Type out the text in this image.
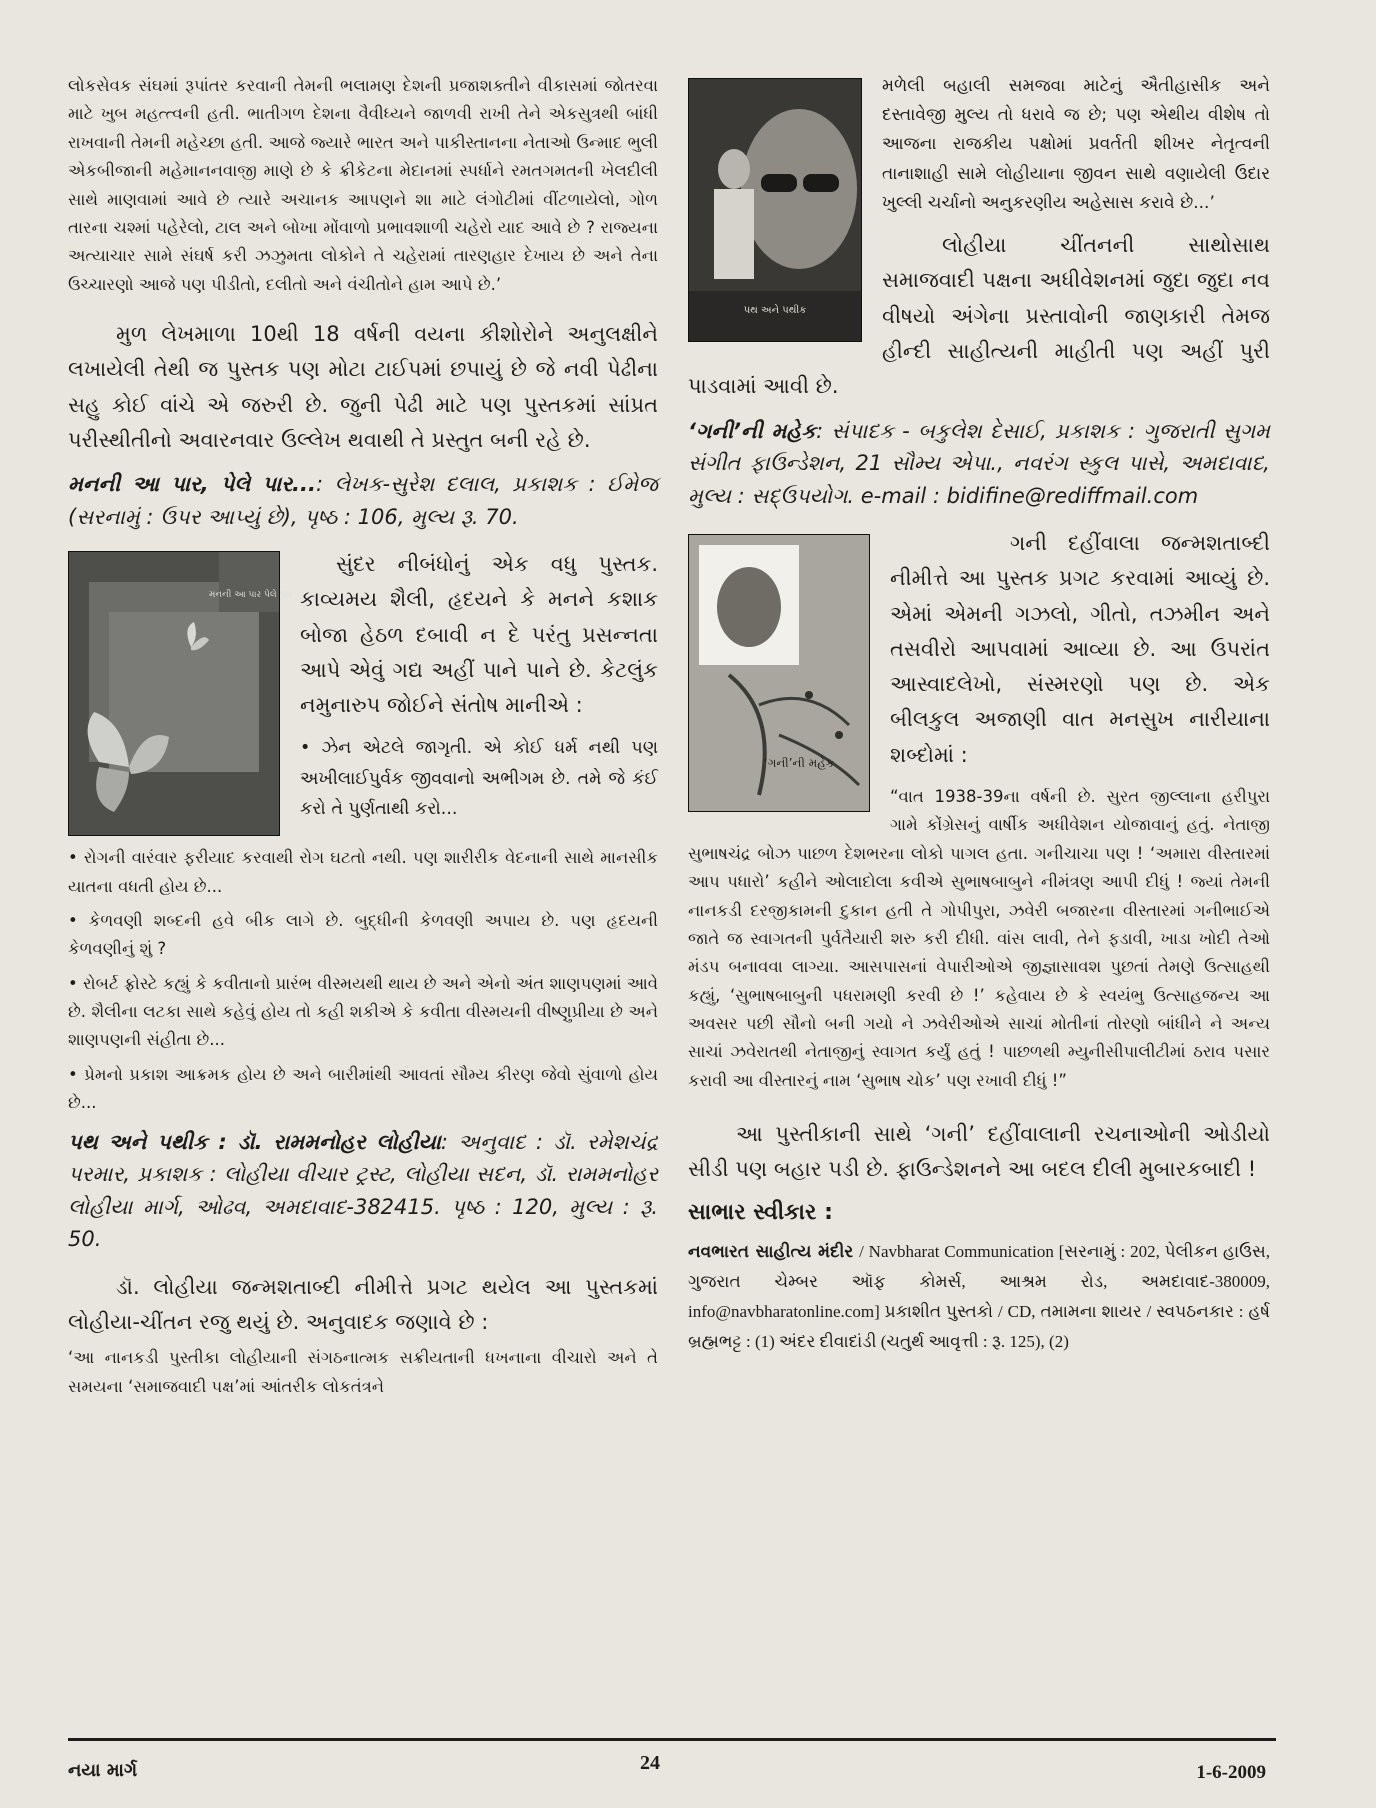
લોકસેવક સંઘમાં રૂપાંતર કરવાની તેમની ભલામણ દેશની પ્રજાશક્તીને વીકાસમાં જોતરવા માટે ખુબ મહત્ત્વની હતી. ભાતીગળ દેશના વૈવીધ્યને જાળવી રાખી તેને એકસુત્રથી બાંધી રાખવાની તેમની મહેચ્છા હતી. આજે જ્યારે ભારત અને પાકીસ્તાનના નેતાઓ ઉન્માદ ભુલી એકબીજાની મહેમાનનવાજી માણે છે કે ક્રીકેટના મેદાનમાં સ્પર્ધાને રમતગમતની ખેલદીલી સાથે માણવામાં આવે છે ત્યારે અચાનક આપણને શા માટે લંગોટીમાં વીંટળાયેલો, ગોળ તારના ચશ્માં પહેરેલો, ટાલ અને બોખા મોંવાળો પ્રભાવશાળી ચહેરો યાદ આવે છે ? રાજ્યના અત્યાચાર સામે સંઘર્ષ કરી ઝઝુમતા લોકોને તે ચહેરામાં તારણહાર દેખાય છે અને તેના ઉચ્ચારણો આજે પણ પીડીતો, દલીતો અને વંચીતોને હામ આપે છે.’

મુળ લેખમાળા 10થી 18 વર્ષની વયના કીશોરોને અનુલક્ષીને લખાયેલી તેથી જ પુસ્તક પણ મોટા ટાઈપમાં છપાયું છે જે નવી પેઢીના સહુ કોઈ વાંચે એ જરુરી છે. જુની પેઢી માટે પણ પુસ્તકમાં સાંપ્રત પરીસ્થીતીનો અવારનવાર ઉલ્લેખ થવાથી તે પ્રસ્તુત બની રહે છે.

મનની આ પાર, પેલે પાર...: લેખક-સુરેશ દલાલ, પ્રકાશક : ઈમેજ (સરનામું : ઉપર આપ્યું છે), પૃષ્ઠ : 106, મુલ્ય રૂ. 70.

મનની આ પાર પેલે પાર

સુંદર નીબંધોનું એક વધુ પુસ્તક. કાવ્યમય શૈલી, હૃદયને કે મનને કશાક બોજા હેઠળ દબાવી ન દે પરંતુ પ્રસન્નતા આપે એવું ગદ્ય અહીં પાને પાને છે. કેટલુંક નમુનારુપ જોઈને સંતોષ માનીએ :

• ઝેન એટલે જાગૃતી. એ કોઈ ધર્મ નથી પણ અખીલાઈપુર્વક જીવવાનો અભીગમ છે. તમે જે કંઈ કરો તે પુર્ણતાથી કરો...

• રોગની વારંવાર ફરીયાદ કરવાથી રોગ ઘટતો નથી. પણ શારીરીક વેદનાની સાથે માનસીક યાતના વધતી હોય છે...

• કેળવણી શબ્દની હવે બીક લાગે છે. બુદ્ધીની કેળવણી અપાય છે. પણ હૃદયની કેળવણીનું શું ?

• રોબર્ટ ફ્રોસ્ટે કહ્યું કે કવીતાનો પ્રારંભ વીસ્મયથી થાય છે અને એનો અંત શાણપણમાં આવે છે. શૈલીના લટકા સાથે કહેવું હોય તો કહી શકીએ કે કવીતા વીસ્મયની વીષ્ણુપ્રીયા છે અને શાણપણની સંહીતા છે...

• પ્રેમનો પ્રકાશ આક્રમક હોય છે અને બારીમાંથી આવતાં સૌમ્ય કીરણ જેવો સુંવાળો હોય છે...

પથ અને પથીક : ડૉ. રામમનોહર લોહીયા: અનુવાદ : ડૉ. રમેશચંદ્ર પરમાર, પ્રકાશક : લોહીયા વીચાર ટ્રસ્ટ, લોહીયા સદન, ડૉ. રામમનોહર લોહીયા માર્ગ, ઓઢવ, અમદાવાદ-382415. પૃષ્ઠ : 120, મુલ્ય : રૂ. 50.

ડૉ. લોહીયા જન્મશતાબ્દી નીમીત્તે પ્રગટ થયેલ આ પુસ્તકમાં લોહીયા-ચીંતન રજુ થયું છે. અનુવાદક જણાવે છે :

‘આ નાનકડી પુસ્તીકા લોહીયાની સંગઠનાત્મક સક્રીયતાની ધખનાના વીચારો અને તે સમયના ‘સમાજવાદી પક્ષ’માં આંતરીક લોકતંત્રને

પથ અને પથીક

મળેલી બહાલી સમજવા માટેનું ઐતીહાસીક અને દસ્તાવેજી મુલ્ય તો ધરાવે જ છે; પણ એથીય વીશેષ તો આજના રાજકીય પક્ષોમાં પ્રવર્તતી શીખર નેતૃત્વની તાનાશાહી સામે લોહીયાના જીવન સાથે વણાયેલી ઉદાર ખુલ્લી ચર્ચાનો અનુકરણીય અહેસાસ કરાવે છે...’

લોહીયા ચીંતનની સાથોસાથ સમાજવાદી પક્ષના અધીવેશનમાં જુદા જુદા નવ વીષયો અંગેના પ્રસ્તાવોની જાણકારી તેમજ હીન્દી સાહીત્યની માહીતી પણ અહીં પુરી પાડવામાં આવી છે.

‘ગની’ની મહેક: સંપાદક - બકુલેશ દેસાઈ, પ્રકાશક : ગુજરાતી સુગમ સંગીત ફાઉન્ડેશન, 21 સૌમ્ય એપા., નવરંગ સ્કુલ પાસે, અમદાવાદ, મુલ્ય : સદ્ઉપયોગ. e-mail : bidifine@rediffmail.com

‘ગની’ની મહેક

ગની દહીંવાલા જન્મશતાબ્દી નીમીત્તે આ પુસ્તક પ્રગટ કરવામાં આવ્યું છે. એમાં એમની ગઝલો, ગીતો, તઝમીન અને તસવીરો આપવામાં આવ્યા છે. આ ઉપરાંત આસ્વાદલેખો, સંસ્મરણો પણ છે. એક બીલકુલ અજાણી વાત મનસુખ નારીયાના શબ્દોમાં :

“વાત 1938-39ના વર્ષની છે. સુરત જીલ્લાના હરીપુરા ગામે કોંગ્રેસનું વાર્ષીક અધીવેશન યોજાવાનું હતું. નેતાજી સુભાષચંદ્ર બોઝ પાછળ દેશભરના લોકો પાગલ હતા. ગનીચાચા પણ ! ‘અમારા વીસ્તારમાં આપ પધારો’ કહીને ઓલાદોલા કવીએ સુભાષબાબુને નીમંત્રણ આપી દીધું ! જ્યાં તેમની નાનકડી દરજીકામની દુકાન હતી તે ગોપીપુરા, ઝવેરી બજારના વીસ્તારમાં ગનીભાઈએ જાતે જ સ્વાગતની પુર્વતૈયારી શરુ કરી દીધી. વાંસ લાવી, તેને ફડાવી, ખાડા ખોદી તેઓ મંડપ બનાવવા લાગ્યા. આસપાસનાં વેપારીઓએ જીજ્ઞાસાવશ પુછતાં તેમણે ઉત્સાહથી કહ્યું, ‘સુભાષબાબુની પધરામણી કરવી છે !’ કહેવાય છે કે સ્વયંભુ ઉત્સાહજન્ય આ અવસર પછી સૌનો બની ગયો ને ઝવેરીઓએ સાચાં મોતીનાં તોરણો બાંધીને ને અન્ય સાચાં ઝવેરાતથી નેતાજીનું સ્વાગત કર્યું હતું ! પાછળથી મ્યુનીસીપાલીટીમાં ઠરાવ પસાર કરાવી આ વીસ્તારનું નામ ‘સુભાષ ચોક’ પણ રખાવી દીધું !”

આ પુસ્તીકાની સાથે ‘ગની’ દહીંવાલાની રચનાઓની ઓડીયો સીડી પણ બહાર પડી છે. ફાઉન્ડેશનને આ બદલ દીલી મુબારકબાદી !

સાભાર સ્વીકાર :

નવભારત સાહીત્ય મંદીર / Navbharat Communication [સરનામું : 202, પેલીકન હાઉસ, ગુજરાત ચેમ્બર ઑફ કોમર્સ, આશ્રમ રોડ, અમદાવાદ-380009, info@navbharatonline.com] પ્રકાશીત પુસ્તકો / CD, તમામના શાયર / સ્વપઠનકાર : હર્ષ બ્રહ્મભટ્ટ : (1) અંદર દીવાદાંડી (ચતુર્થ આવૃત્તી : રૂ. 125), (2)

નયા માર્ગ	24	1-6-2009
